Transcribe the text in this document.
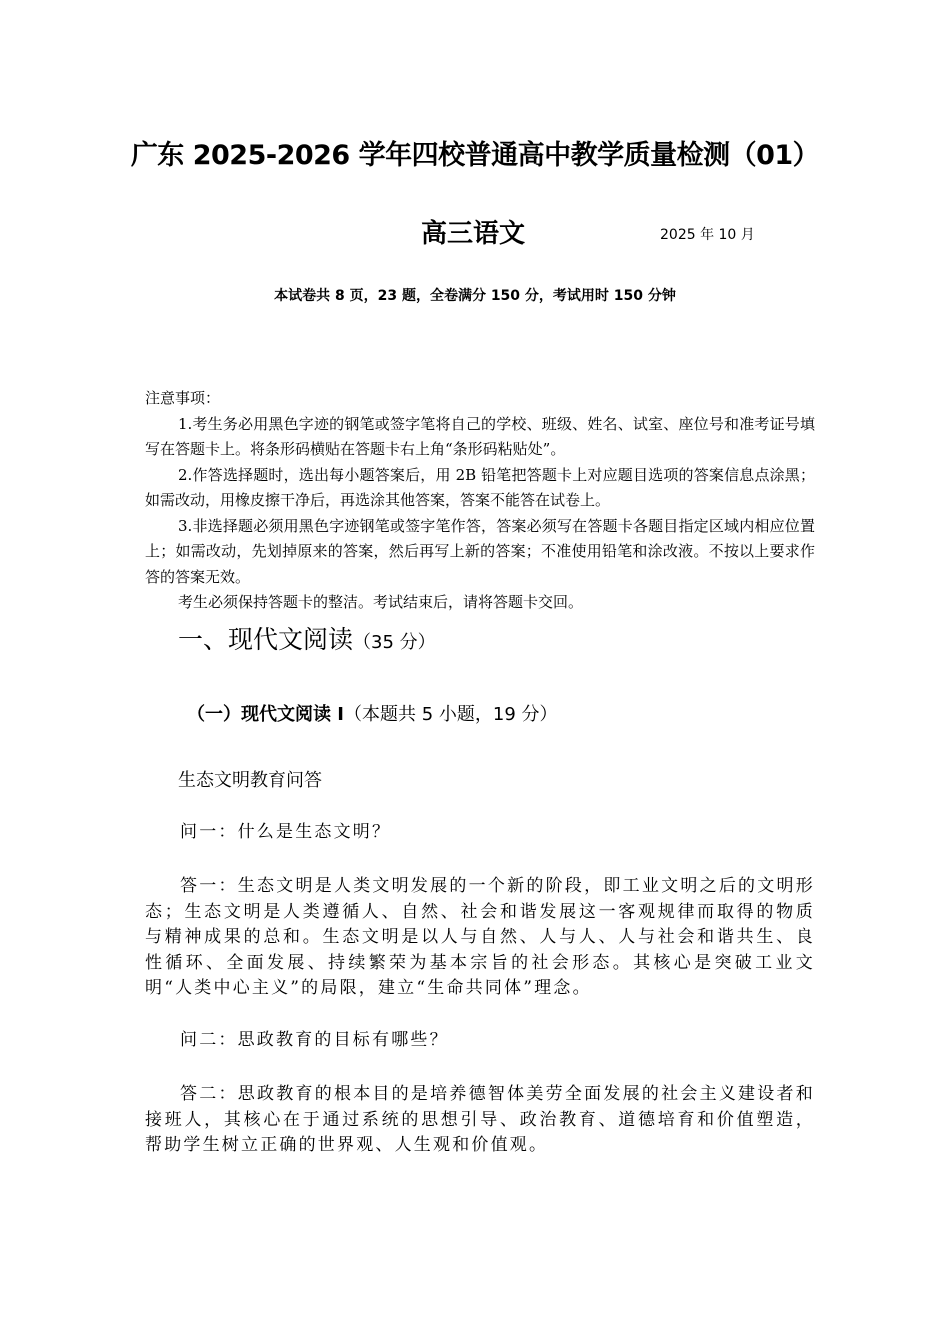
广东 2025-2026 学年四校普通高中教学质量检测（01）
高三语文	2025 年 10 月
本试卷共 8 页，23 题，全卷满分 150 分，考试用时 150 分钟
注意事项：
1.考生务必用黑色字迹的钢笔或签字笔将自己的学校、班级、姓名、试室、座位号和准考证号填写在答题卡上。将条形码横贴在答题卡右上角“条形码粘贴处”。
2.作答选择题时，选出每小题答案后，用 2B 铅笔把答题卡上对应题目选项的答案信息点涂黑；如需改动，用橡皮擦干净后，再选涂其他答案，答案不能答在试卷上。
3.非选择题必须用黑色字迹钢笔或签字笔作答，答案必须写在答题卡各题目指定区域内相应位置上；如需改动，先划掉原来的答案，然后再写上新的答案；不准使用铅笔和涂改液。不按以上要求作答的答案无效。
考生必须保持答题卡的整洁。考试结束后，请将答题卡交回。
一、现代文阅读（35 分）
（一）现代文阅读 I（本题共 5 小题，19 分）
生态文明教育问答
问一：什么是生态文明？
答一：生态文明是人类文明发展的一个新的阶段，即工业文明之后的文明形态；生态文明是人类遵循人、自然、社会和谐发展这一客观规律而取得的物质与精神成果的总和。生态文明是以人与自然、人与人、人与社会和谐共生、良性循环、全面发展、持续繁荣为基本宗旨的社会形态。其核心是突破工业文明“人类中心主义”的局限，建立“生命共同体”理念。
问二：思政教育的目标有哪些？
答二：思政教育的根本目的是培养德智体美劳全面发展的社会主义建设者和接班人，其核心在于通过系统的思想引导、政治教育、道德培育和价值塑造，帮助学生树立正确的世界观、人生观和价值观。
